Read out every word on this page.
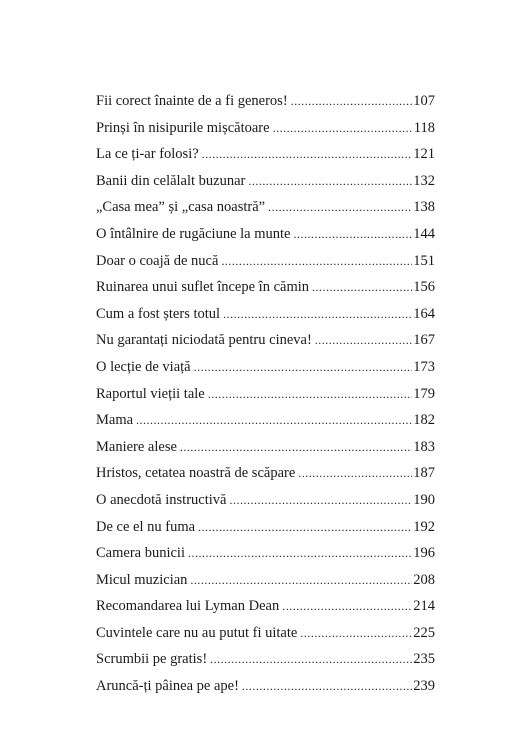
Fii corect înainte de a fi generos! .....	107
Prinși în nisipurile mișcătoare .....	118
La ce ți-ar folosi? .....	121
Banii din celălalt buzunar .....	132
„Casa mea” și „casa noastră” .....	138
O întâlnire de rugăciune la munte .....	144
Doar o coajă de nucă .....	151
Ruinarea unui suflet începe în cămin .....	156
Cum a fost șters totul .....	164
Nu garantați niciodată pentru cineva! .....	167
O lecție de viață .....	173
Raportul vieții tale .....	179
Mama .....	182
Maniere alese .....	183
Hristos, cetatea noastră de scăpare .....	187
O anecdotă instructivă .....	190
De ce el nu fuma .....	192
Camera bunicii .....	196
Micul muzician .....	208
Recomandarea lui Lyman Dean .....	214
Cuvintele care nu au putut fi uitate .....	225
Scrumbii pe gratis! .....	235
Aruncă-ți pâinea pe ape! .....	239
